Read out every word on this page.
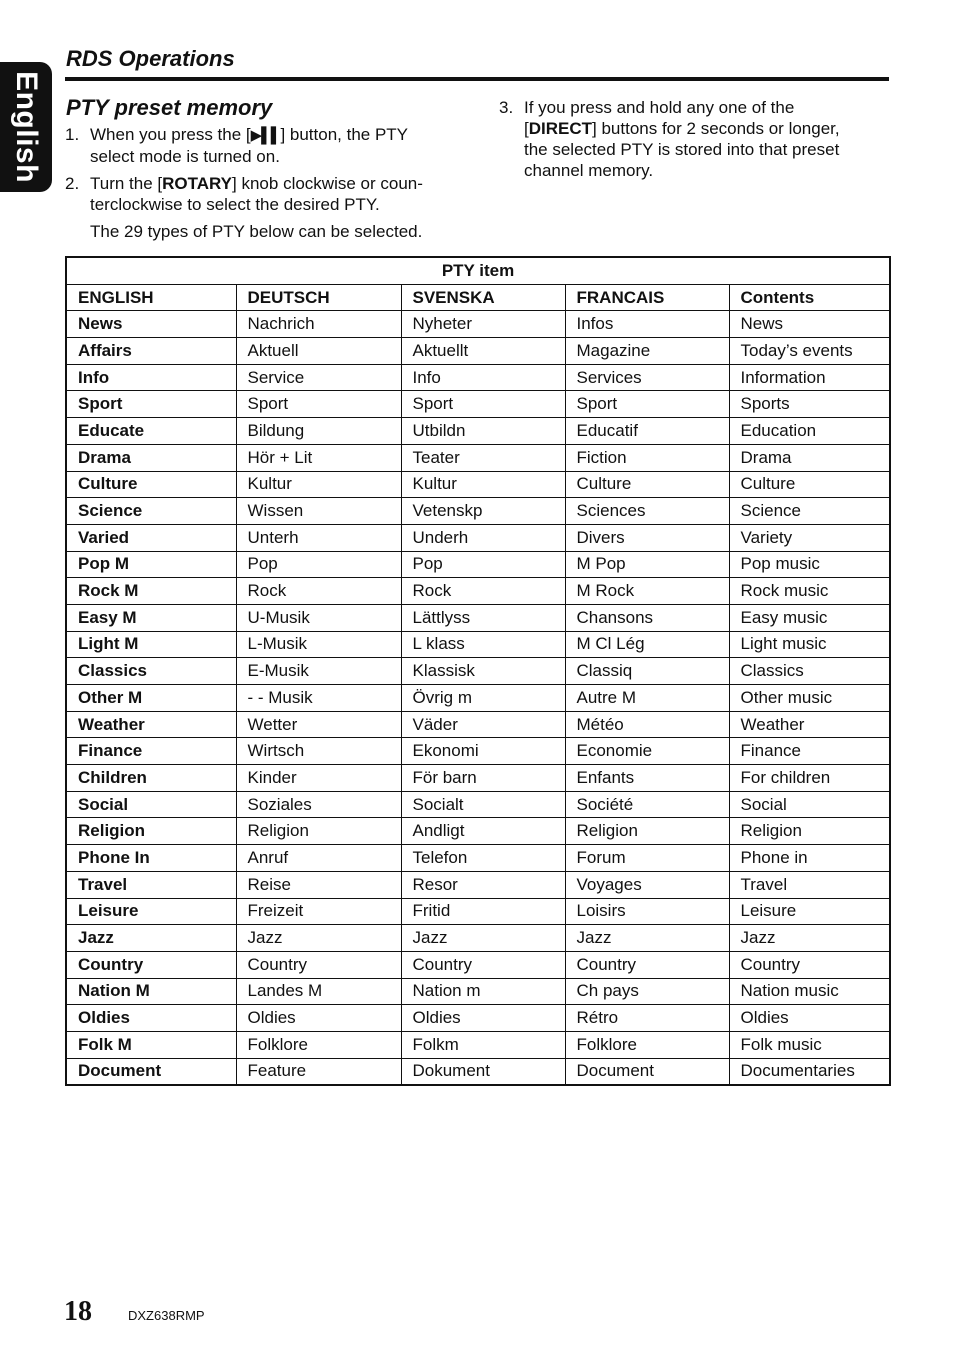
English
RDS Operations
PTY preset memory
1. When you press the [▶▌▌] button, the PTY
select mode is turned on.
2. Turn the [ROTARY] knob clockwise or coun-
terclockwise to select the desired PTY.
The 29 types of PTY below can be selected.
3. If you press and hold any one of the
[DIRECT] buttons for 2 seconds or longer,
the selected PTY is stored into that preset
channel memory.
PTY item				
ENGLISH	DEUTSCH	SVENSKA	FRANCAIS	Contents
News	Nachrich	Nyheter	Infos	News
Affairs	Aktuell	Aktuellt	Magazine	Today’s events
Info	Service	Info	Services	Information
Sport	Sport	Sport	Sport	Sports
Educate	Bildung	Utbildn	Educatif	Education
Drama	Hör + Lit	Teater	Fiction	Drama
Culture	Kultur	Kultur	Culture	Culture
Science	Wissen	Vetenskp	Sciences	Science
Varied	Unterh	Underh	Divers	Variety
Pop M	Pop	Pop	M Pop	Pop music
Rock M	Rock	Rock	M Rock	Rock music
Easy M	U-Musik	Lättlyss	Chansons	Easy music
Light M	L-Musik	L klass	M Cl Lég	Light music
Classics	E-Musik	Klassisk	Classiq	Classics
Other M	- - Musik	Övrig m	Autre M	Other music
Weather	Wetter	Väder	Météo	Weather
Finance	Wirtsch	Ekonomi	Economie	Finance
Children	Kinder	För barn	Enfants	For children
Social	Soziales	Socialt	Société	Social
Religion	Religion	Andligt	Religion	Religion
Phone In	Anruf	Telefon	Forum	Phone in
Travel	Reise	Resor	Voyages	Travel
Leisure	Freizeit	Fritid	Loisirs	Leisure
Jazz	Jazz	Jazz	Jazz	Jazz
Country	Country	Country	Country	Country
Nation M	Landes M	Nation m	Ch pays	Nation music
Oldies	Oldies	Oldies	Rétro	Oldies
Folk M	Folklore	Folkm	Folklore	Folk music
Document	Feature	Dokument	Document	Documentaries
18	DXZ638RMP
